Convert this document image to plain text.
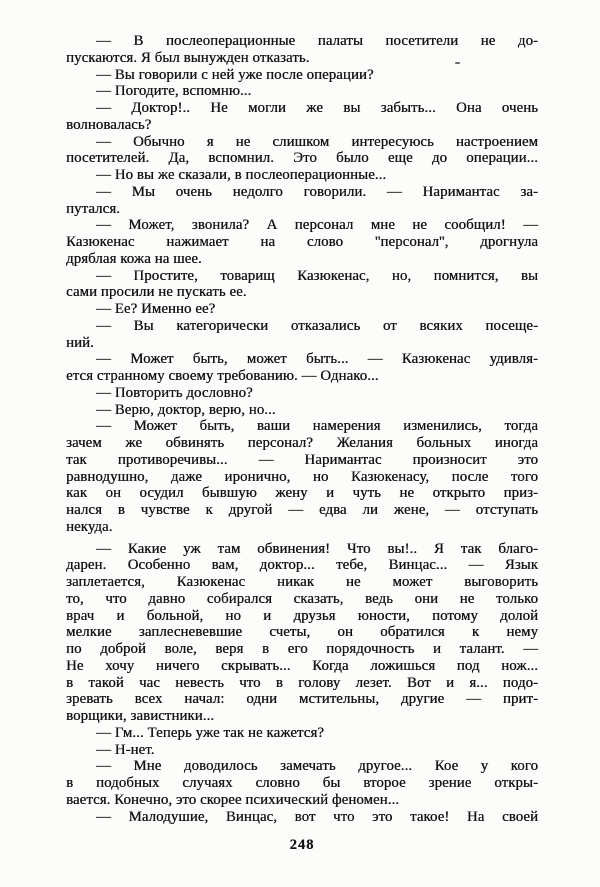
— В послеоперационные палаты посетители не до-
пускаются. Я был вынужден отказать.
— Вы говорили с ней уже после операции?
— Погодите, вспомню...
— Доктор!.. Не могли же вы забыть... Она очень
волновалась?
— Обычно я не слишком интересуюсь настроением
посетителей. Да, вспомнил. Это было еще до операции...
— Но вы же сказали, в послеоперационные...
— Мы очень недолго говорили. — Наримантас за-
путался.
— Может, звонила? А персонал мне не сообщил! —
Казюкенас нажимает на слово ''персонал'', дрогнула
дряблая кожа на шее.
— Простите, товарищ Казюкенас, но, помнится, вы
сами просили не пускать ее.
— Ее? Именно ее?
— Вы категорически отказались от всяких посеще-
ний.
— Может быть, может быть... — Казюкенас удивля-
ется странному своему требованию. — Однако...
— Повторить дословно?
— Верю, доктор, верю, но...
— Может быть, ваши намерения изменились, тогда
зачем же обвинять персонал? Желания больных иногда
так противоречивы... — Наримантас произносит это
равнодушно, даже иронично, но Казюкенасу, после того
как он осудил бывшую жену и чуть не открыто приз-
нался в чувстве к другой — едва ли жене, — отступать
некуда.
— Какие уж там обвинения! Что вы!.. Я так благо-
дарен. Особенно вам, доктор... тебе, Винцас... — Язык
заплетается, Казюкенас никак не может выговорить
то, что давно собирался сказать, ведь они не только
врач и больной, но и друзья юности, потому долой
мелкие заплесневевшие счеты, он обратился к нему
по доброй воле, веря в его порядочность и талант. —
Не хочу ничего скрывать... Когда ложишься под нож...
в такой час невесть что в голову лезет. Вот и я... подо-
зревать всех начал: одни мстительны, другие — прит-
ворщики, завистники...
— Гм... Теперь уже так не кажется?
— Н-нет.
— Мне доводилось замечать другое... Кое у кого
в подобных случаях словно бы второе зрение откры-
вается. Конечно, это скорее психический феномен...
— Малодушие, Винцас, вот что это такое! На своей
248
